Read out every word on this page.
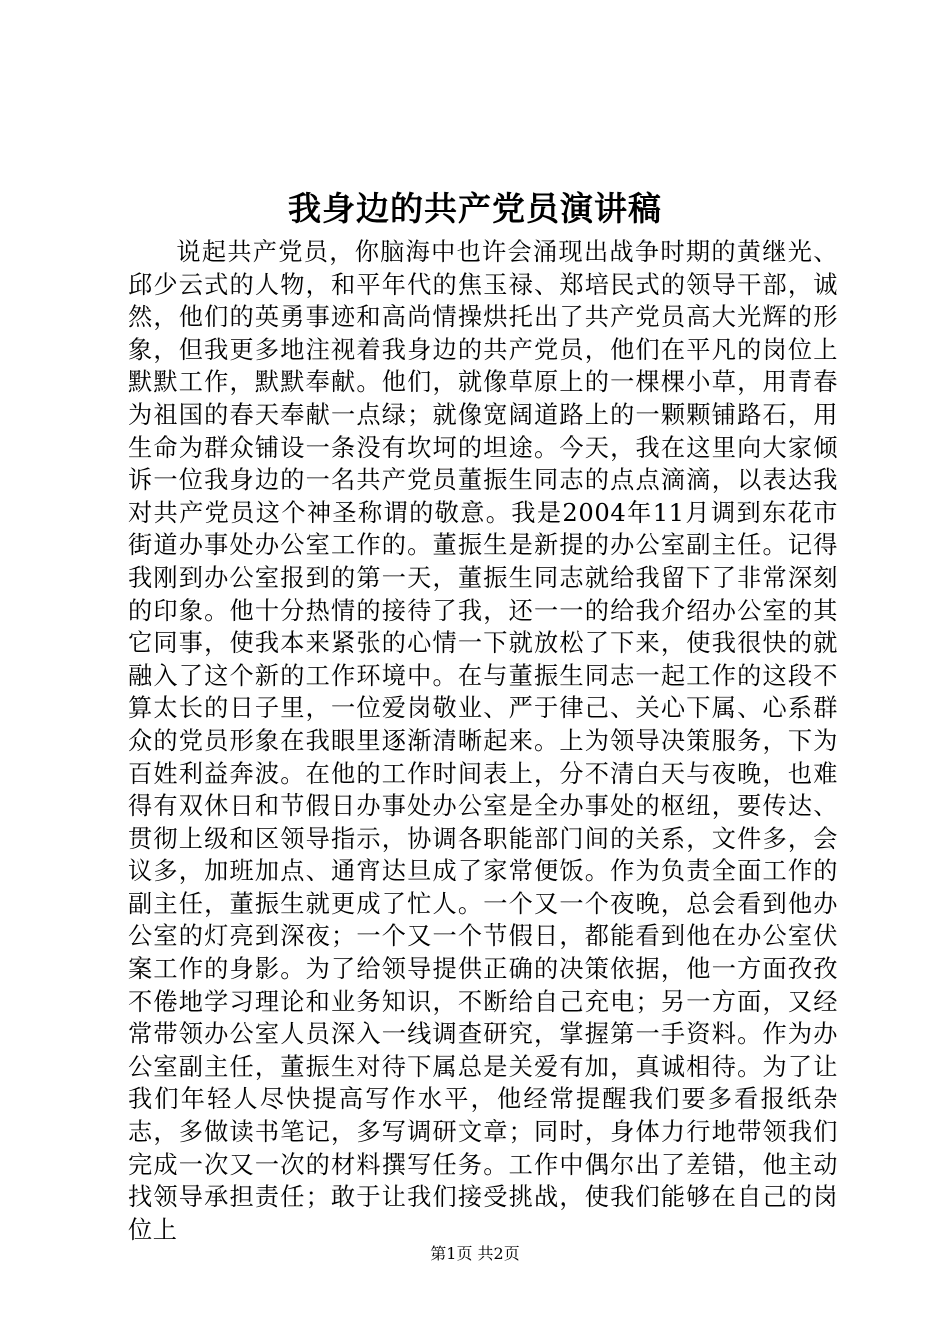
我身边的共产党员演讲稿

说起共产党员，你脑海中也许会涌现出战争时期的黄继光、邱少云式的人物，和平年代的焦玉禄、郑培民式的领导干部，诚然，他们的英勇事迹和高尚情操烘托出了共产党员高大光辉的形象，但我更多地注视着我身边的共产党员，他们在平凡的岗位上默默工作，默默奉献。他们，就像草原上的一棵棵小草，用青春为祖国的春天奉献一点绿；就像宽阔道路上的一颗颗铺路石，用生命为群众铺设一条没有坎坷的坦途。今天，我在这里向大家倾诉一位我身边的一名共产党员董振生同志的点点滴滴，以表达我对共产党员这个神圣称谓的敬意。我是2004年11月调到东花市街道办事处办公室工作的。董振生是新提的办公室副主任。记得我刚到办公室报到的第一天，董振生同志就给我留下了非常深刻的印象。他十分热情的接待了我，还一一的给我介绍办公室的其它同事，使我本来紧张的心情一下就放松了下来，使我很快的就融入了这个新的工作环境中。在与董振生同志一起工作的这段不算太长的日子里，一位爱岗敬业、严于律己、关心下属、心系群众的党员形象在我眼里逐渐清晰起来。上为领导决策服务，下为百姓利益奔波。在他的工作时间表上，分不清白天与夜晚，也难得有双休日和节假日办事处办公室是全办事处的枢纽，要传达、贯彻上级和区领导指示，协调各职能部门间的关系，文件多，会议多，加班加点、通宵达旦成了家常便饭。作为负责全面工作的副主任，董振生就更成了忙人。一个又一个夜晚，总会看到他办公室的灯亮到深夜；一个又一个节假日，都能看到他在办公室伏案工作的身影。为了给领导提供正确的决策依据，他一方面孜孜不倦地学习理论和业务知识，不断给自己充电；另一方面，又经常带领办公室人员深入一线调查研究，掌握第一手资料。作为办公室副主任，董振生对待下属总是关爱有加，真诚相待。为了让我们年轻人尽快提高写作水平，他经常提醒我们要多看报纸杂志，多做读书笔记，多写调研文章；同时，身体力行地带领我们完成一次又一次的材料撰写任务。工作中偶尔出了差错，他主动找领导承担责任；敢于让我们接受挑战，使我们能够在自己的岗位上

第1页 共2页
